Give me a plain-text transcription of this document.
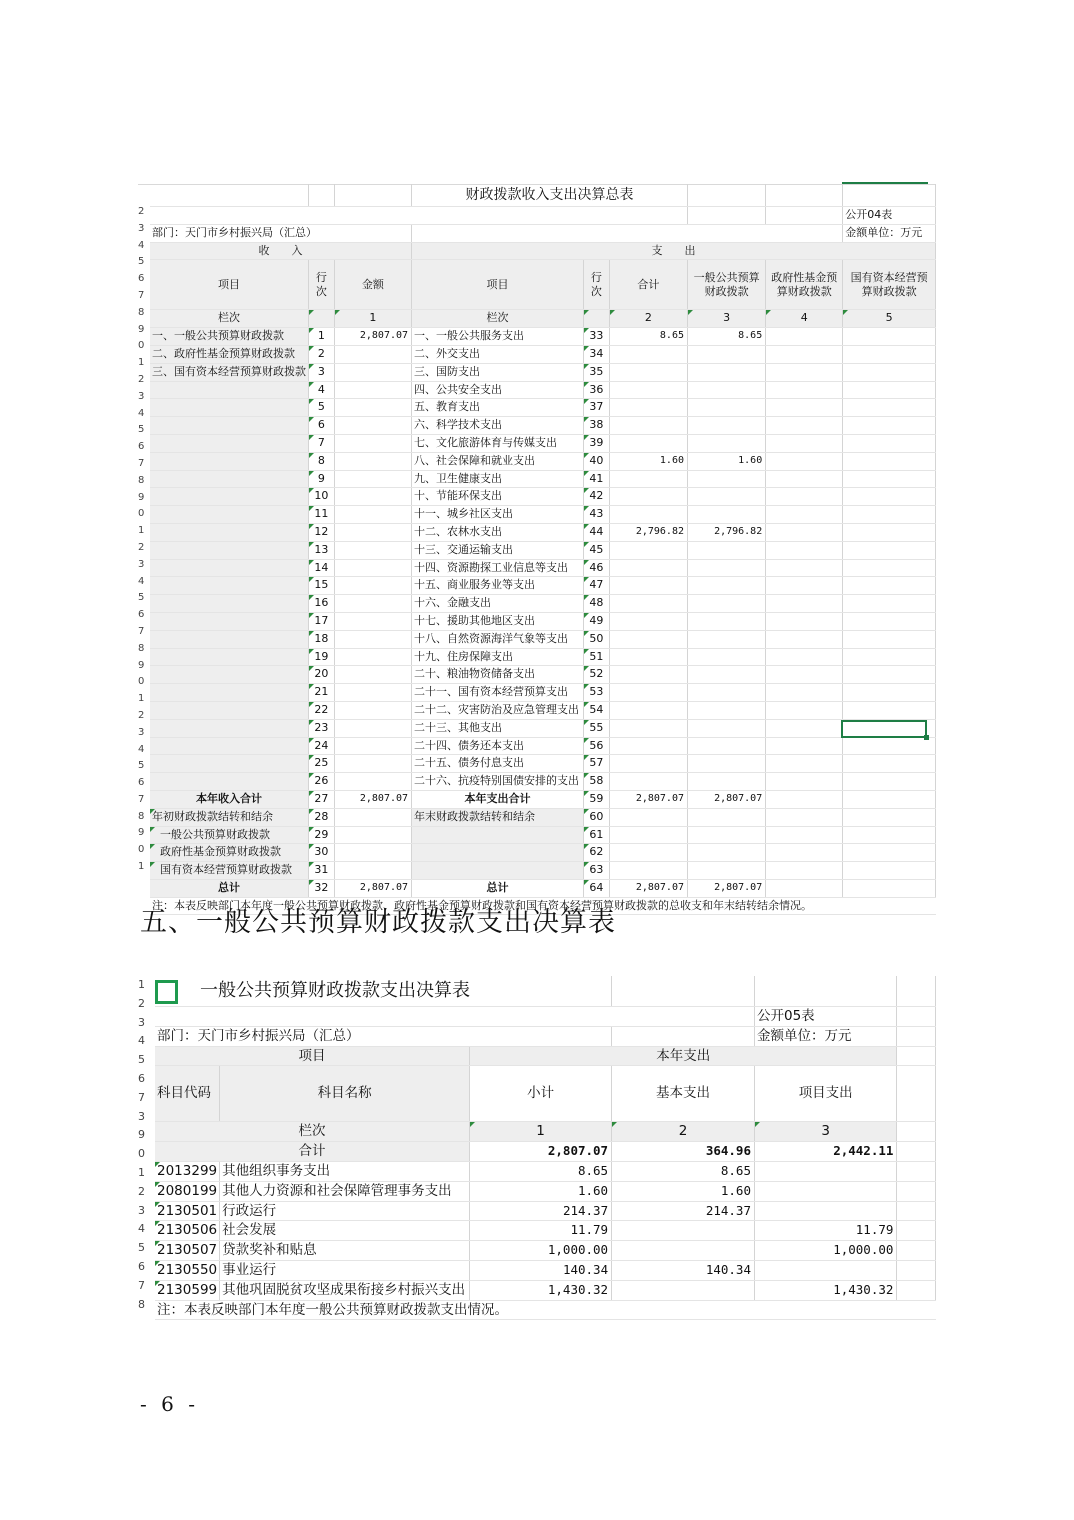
2
3
4
5
6
7
8
9
0
1
2
3
4
5
6
7
8
9
0
1
2
3
4
5
6
7
8
9
0
1
2
3
4
5
6
7
8
9
0
1
			财政拨款收入支出决算总表					
								公开04表
部门：天门市乡村振兴局（汇总）								金额单位：万元
收　　入			支　　出					
项目	行次	金额	项目	行次	合计	一般公共预算财政拨款	政府性基金预算财政拨款	国有资本经营预算财政拨款
栏次		1	栏次		2	3	4	5
一、一般公共预算财政拨款	1	2,807.07	一、一般公共服务支出	33	8.65	8.65		
二、政府性基金预算财政拨款	2		二、外交支出	34				
三、国有资本经营预算财政拨款	3		三、国防支出	35				
	4		四、公共安全支出	36				
	5		五、教育支出	37				
	6		六、科学技术支出	38				
	7		七、文化旅游体育与传媒支出	39				
	8		八、社会保障和就业支出	40	1.60	1.60		
	9		九、卫生健康支出	41				
	10		十、节能环保支出	42				
	11		十一、城乡社区支出	43				
	12		十二、农林水支出	44	2,796.82	2,796.82		
	13		十三、交通运输支出	45				
	14		十四、资源勘探工业信息等支出	46				
	15		十五、商业服务业等支出	47				
	16		十六、金融支出	48				
	17		十七、援助其他地区支出	49				
	18		十八、自然资源海洋气象等支出	50				
	19		十九、住房保障支出	51				
	20		二十、粮油物资储备支出	52				
	21		二十一、国有资本经营预算支出	53				
	22		二十二、灾害防治及应急管理支出	54				
	23		二十三、其他支出	55				
	24		二十四、债务还本支出	56				
	25		二十五、债务付息支出	57				
	26		二十六、抗疫特别国债安排的支出	58				
本年收入合计	27	2,807.07	本年支出合计	59	2,807.07	2,807.07		
年初财政拨款结转和结余	28		年末财政拨款结转和结余	60				
一般公共预算财政拨款	29			61				
政府性基金预算财政拨款	30			62				
国有资本经营预算财政拨款	31			63				
总计	32	2,807.07	总计	64	2,807.07	2,807.07		
注：本表反映部门本年度一般公共预算财政拨款、政府性基金预算财政拨款和国有资本经营预算财政拨款的总收支和年末结转结余情况。								
五、一般公共预算财政拨款支出决算表
1
2
3
4
5
6
7
3
9
0
1
2
3
4
5
6
7
8
一般公共预算财政拨款支出决算表					
				公开05表	
部门：天门市乡村振兴局（汇总）				金额单位：万元	
项目		本年支出			
科目代码	科目名称	小计	基本支出	项目支出	
栏次		1	2	3	
合计		2,807.07	364.96	2,442.11	
2013299	其他组织事务支出	8.65	8.65		
2080199	其他人力资源和社会保障管理事务支出	1.60	1.60		
2130501	行政运行	214.37	214.37		
2130506	社会发展	11.79		11.79	
2130507	贷款奖补和贴息	1,000.00		1,000.00	
2130550	事业运行	140.34	140.34		
2130599	其他巩固脱贫攻坚成果衔接乡村振兴支出	1,430.32		1,430.32	
注：本表反映部门本年度一般公共预算财政拨款支出情况。					
- 6 -
